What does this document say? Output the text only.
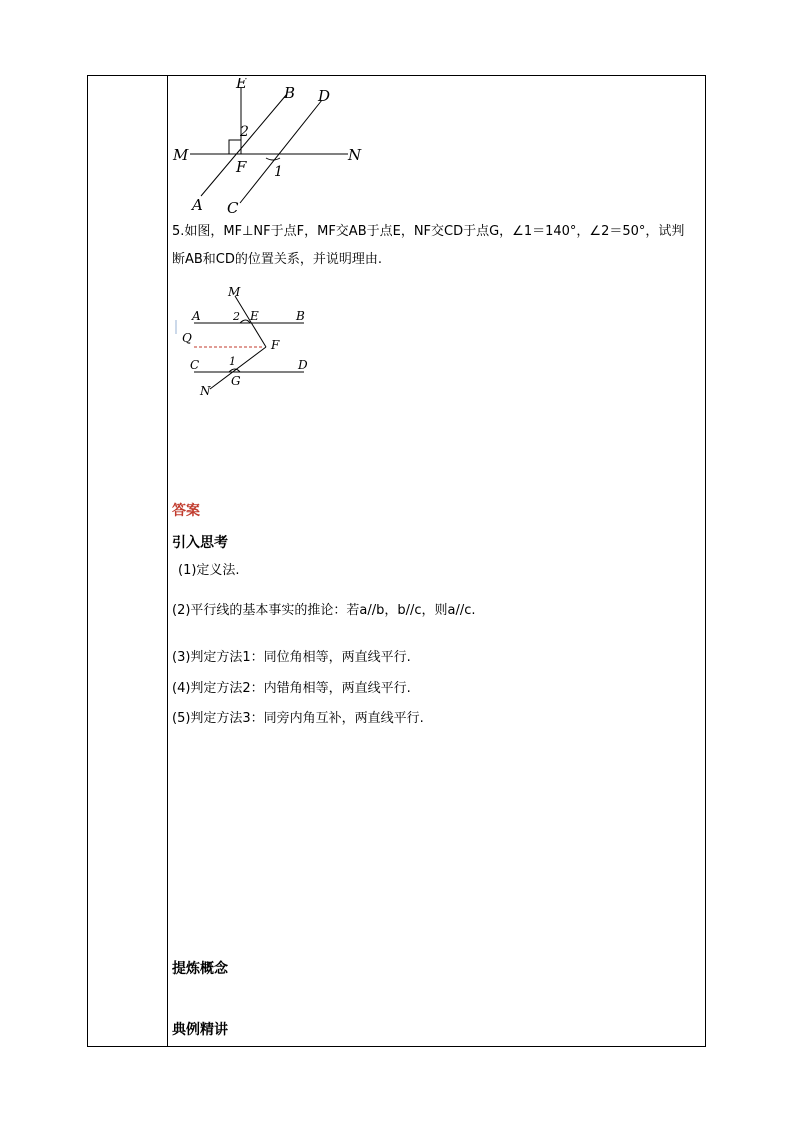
E
B D
2
M	N
F 1
A C
5.如图，MF⊥NF于点F，MF交AB于点E，NF交CD于点G，∠1＝140°，∠2＝50°，试判
断AB和CD的位置关系，并说明理由.
M
A	2 E	B
Q	F
C	1	D
G
N
答案
引入思考
(1)定义法.
(2)平行线的基本事实的推论：若a//b，b//c，则a//c.
(3)判定方法1：同位角相等，两直线平行.
(4)判定方法2：内错角相等，两直线平行.
(5)判定方法3：同旁内角互补，两直线平行.
提炼概念
典例精讲
